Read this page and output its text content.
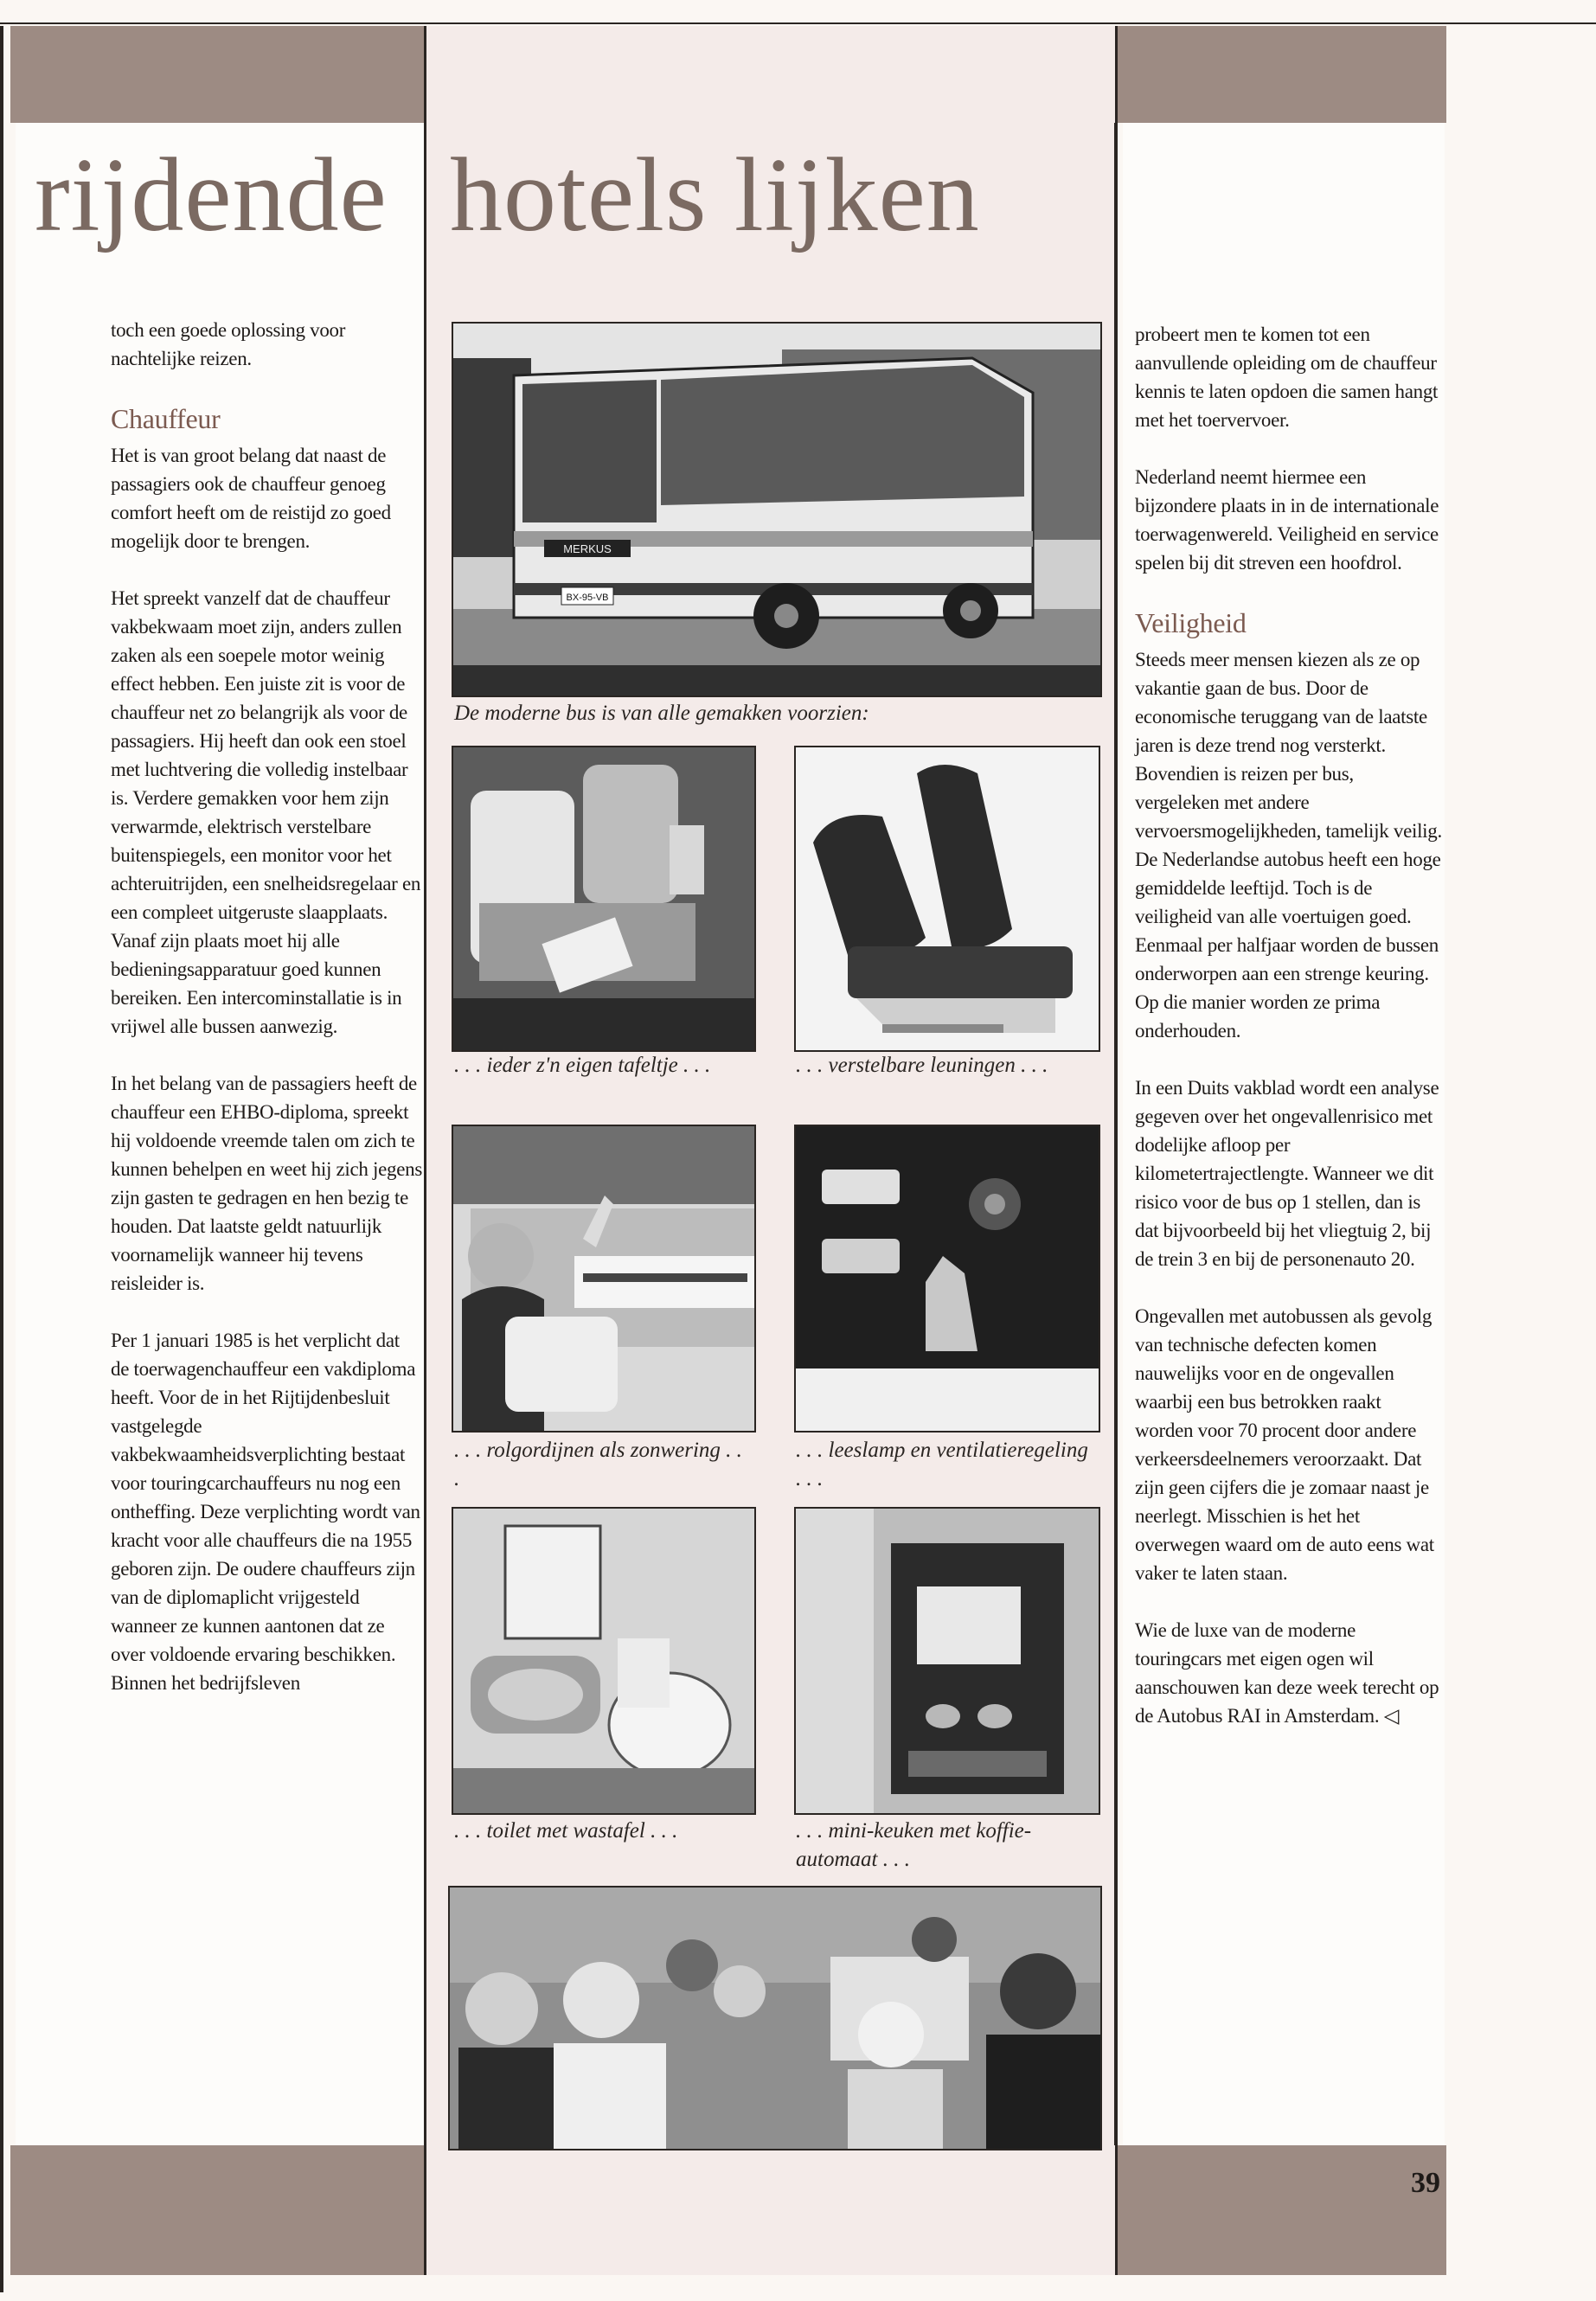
rijdende hotels lijken

toch een goede oplossing voor nachtelijke reizen.

Chauffeur

Het is van groot belang dat naast de passagiers ook de chauffeur genoeg comfort heeft om de reistijd zo goed mogelijk door te brengen.

Het spreekt vanzelf dat de chauffeur vakbekwaam moet zijn, anders zullen zaken als een soepele motor weinig effect hebben. Een juiste zit is voor de chauffeur net zo belangrijk als voor de passagiers. Hij heeft dan ook een stoel met luchtvering die volledig instelbaar is. Verdere gemakken voor hem zijn verwarmde, elektrisch verstelbare buitenspiegels, een monitor voor het achteruitrijden, een snelheidsregelaar en een compleet uitgeruste slaapplaats. Vanaf zijn plaats moet hij alle bedieningsapparatuur goed kunnen bereiken. Een intercominstallatie is in vrijwel alle bussen aanwezig.

In het belang van de passagiers heeft de chauffeur een EHBO-diploma, spreekt hij voldoende vreemde talen om zich te kunnen behelpen en weet hij zich jegens zijn gasten te gedragen en hen bezig te houden. Dat laatste geldt natuurlijk voornamelijk wanneer hij tevens reisleider is.

Per 1 januari 1985 is het verplicht dat de toerwagenchauffeur een vakdiploma heeft. Voor de in het Rijtijdenbesluit vastgelegde vakbekwaamheidsverplichting bestaat voor touringcarchauffeurs nu nog een ontheffing. Deze verplichting wordt van kracht voor alle chauffeurs die na 1955 geboren zijn. De oudere chauffeurs zijn van de diplomaplicht vrijgesteld wanneer ze kunnen aantonen dat ze over voldoende ervaring beschikken.

Binnen het bedrijfsleven

probeert men te komen tot een aanvullende opleiding om de chauffeur kennis te laten opdoen die samen hangt met het toervervoer.

Nederland neemt hiermee een bijzondere plaats in in de internationale toerwagenwereld. Veiligheid en service spelen bij dit streven een hoofdrol.

Veiligheid

Steeds meer mensen kiezen als ze op vakantie gaan de bus. Door de economische teruggang van de laatste jaren is deze trend nog versterkt. Bovendien is reizen per bus, vergeleken met andere vervoersmogelijkheden, tamelijk veilig. De Nederlandse autobus heeft een hoge gemiddelde leeftijd. Toch is de veiligheid van alle voertuigen goed. Eenmaal per halfjaar worden de bussen onderworpen aan een strenge keuring. Op die manier worden ze prima onderhouden.

In een Duits vakblad wordt een analyse gegeven over het ongevallenrisico met dodelijke afloop per kilometertrajectlengte. Wanneer we dit risico voor de bus op 1 stellen, dan is dat bijvoorbeeld bij het vliegtuig 2, bij de trein 3 en bij de personenauto 20.

Ongevallen met autobussen als gevolg van technische defecten komen nauwelijks voor en de ongevallen waarbij een bus betrokken raakt worden voor 70 procent door andere verkeersdeelnemers veroorzaakt. Dat zijn geen cijfers die je zomaar naast je neerlegt. Misschien is het het overwegen waard om de auto eens wat vaker te laten staan.

Wie de luxe van de moderne touringcars met eigen ogen wil aanschouwen kan deze week terecht op de Autobus RAI in Amsterdam. ◁

MERKUS
BX-95-VB
De moderne bus is van alle gemakken voorzien:
. . . ieder z'n eigen tafeltje . . .	. . . verstelbare leuningen . . .
. . . rolgordijnen als zonwering . . .
. . . leeslamp en ventilatieregeling . . .
. . . toilet met wastafel . . .	. . . mini-keuken met koffie-automaat . . .
39
